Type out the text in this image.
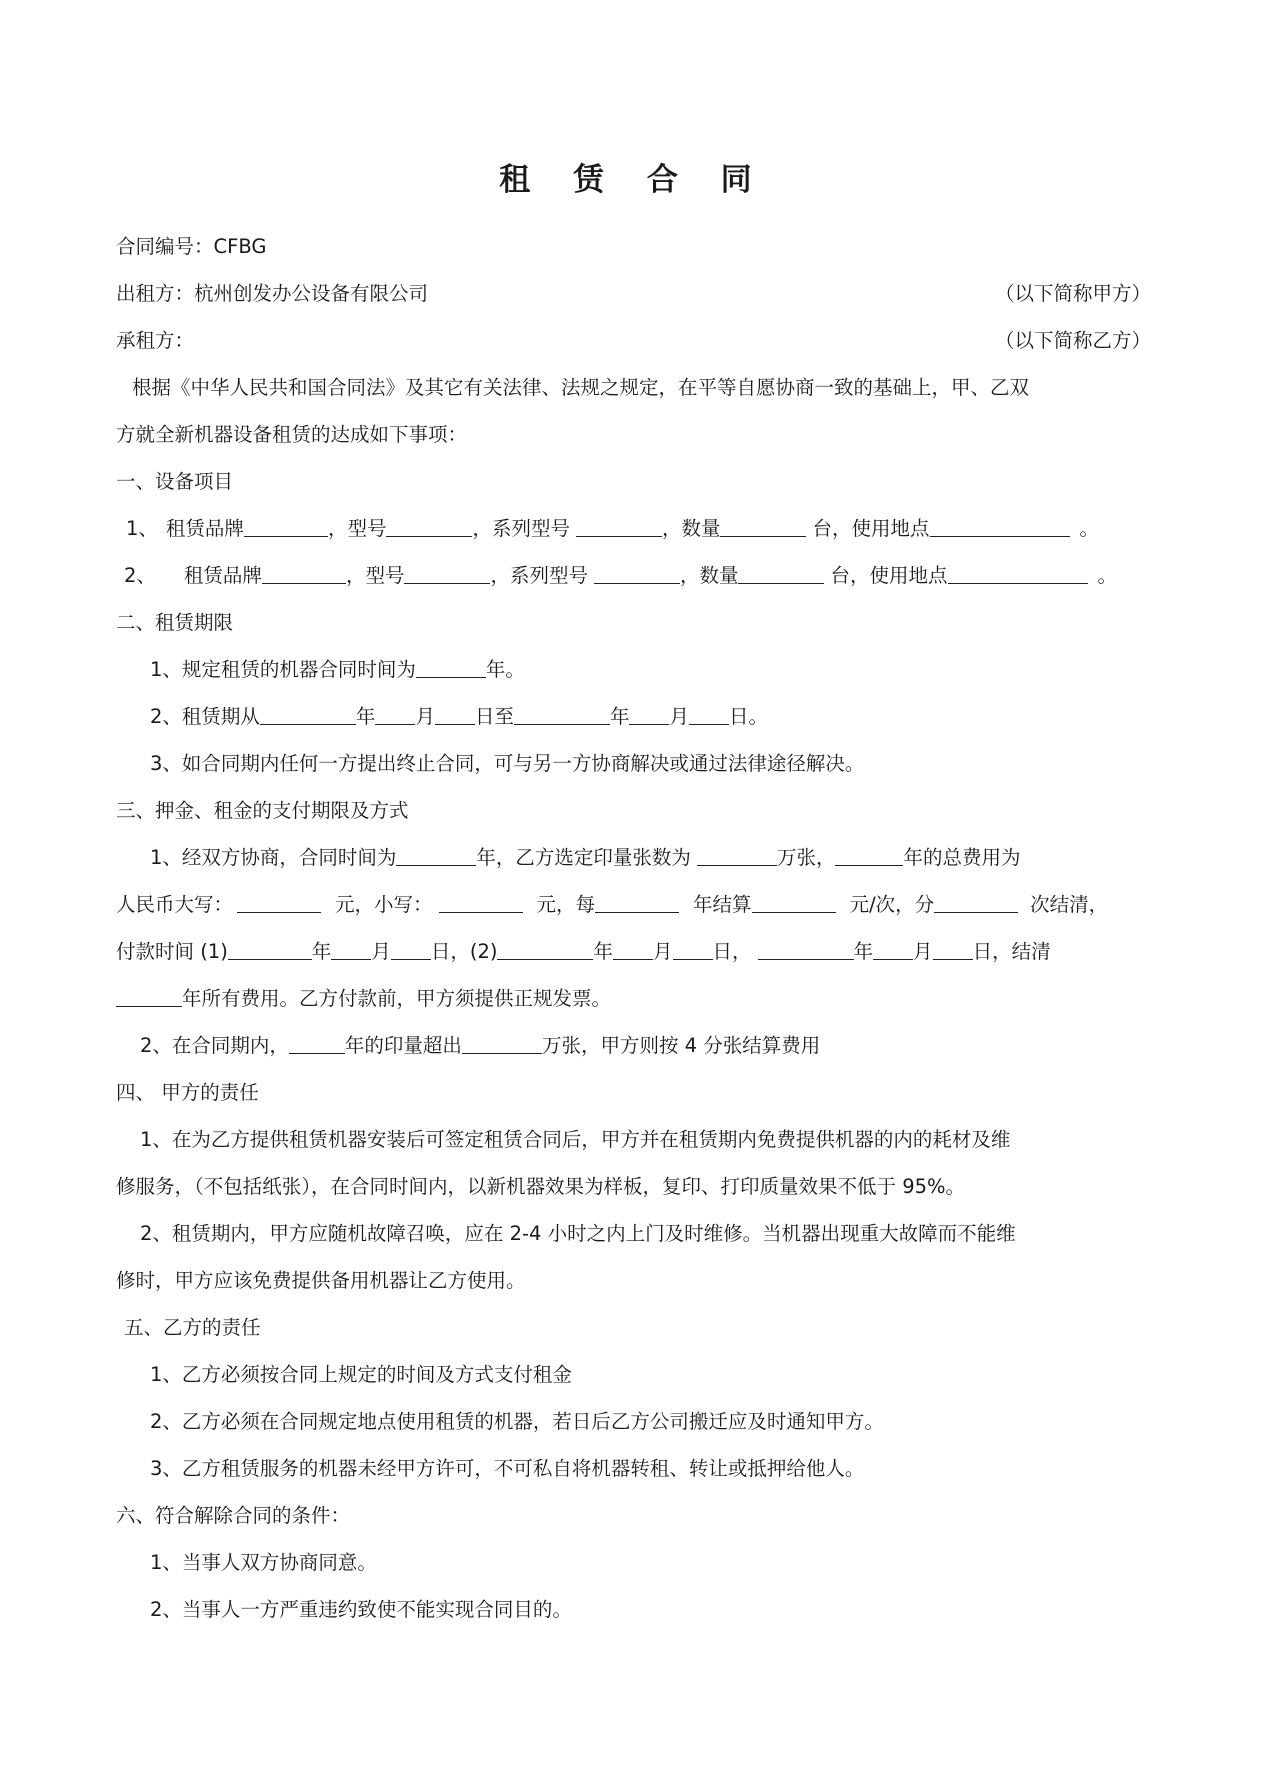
租 赁 合 同
合同编号：CFBG
出租方：杭州创发办公设备有限公司	（以下简称甲方）
承租方：	（以下简称乙方）
根据《中华人民共和国合同法》及其它有关法律、法规之规定，在平等自愿协商一致的基础上，甲、乙双
方就全新机器设备租赁的达成如下事项：
一、设备项目
1、 租赁品牌	，型号	，系列型号	，数量	台，使用地点	。
2、 租赁品牌	，型号	，系列型号	，数量	台，使用地点	。
二、租赁期限
1、规定租赁的机器合同时间为	年。
2、租赁期从	年 月 日至	年 月 日。
3、如合同期内任何一方提出终止合同，可与另一方协商解决或通过法律途径解决。
三、押金、租金的支付期限及方式
1、经双方协商，合同时间为	年，乙方选定印量张数为	万张，	年的总费用为
人民币大写：	元，小写：	元，每	年结算	元/次，分	次结清，
付款时间 (1)	年 月 日，(2)	年 月 日，	年 月 日，结清
年所有费用。乙方付款前，甲方须提供正规发票。
2、在合同期内，	年的印量超出	万张，甲方则按 4 分张结算费用
四、 甲方的责任
1、在为乙方提供租赁机器安装后可签定租赁合同后，甲方并在租赁期内免费提供机器的内的耗材及维
修服务，（不包括纸张），在合同时间内，以新机器效果为样板，复印、打印质量效果不低于 95%。
2、租赁期内，甲方应随机故障召唤，应在 2-4 小时之内上门及时维修。当机器出现重大故障而不能维
修时，甲方应该免费提供备用机器让乙方使用。
五、乙方的责任
1、乙方必须按合同上规定的时间及方式支付租金
2、乙方必须在合同规定地点使用租赁的机器，若日后乙方公司搬迁应及时通知甲方。
3、乙方租赁服务的机器未经甲方许可，不可私自将机器转租、转让或抵押给他人。
六、符合解除合同的条件：
1、当事人双方协商同意。
2、当事人一方严重违约致使不能实现合同目的。
